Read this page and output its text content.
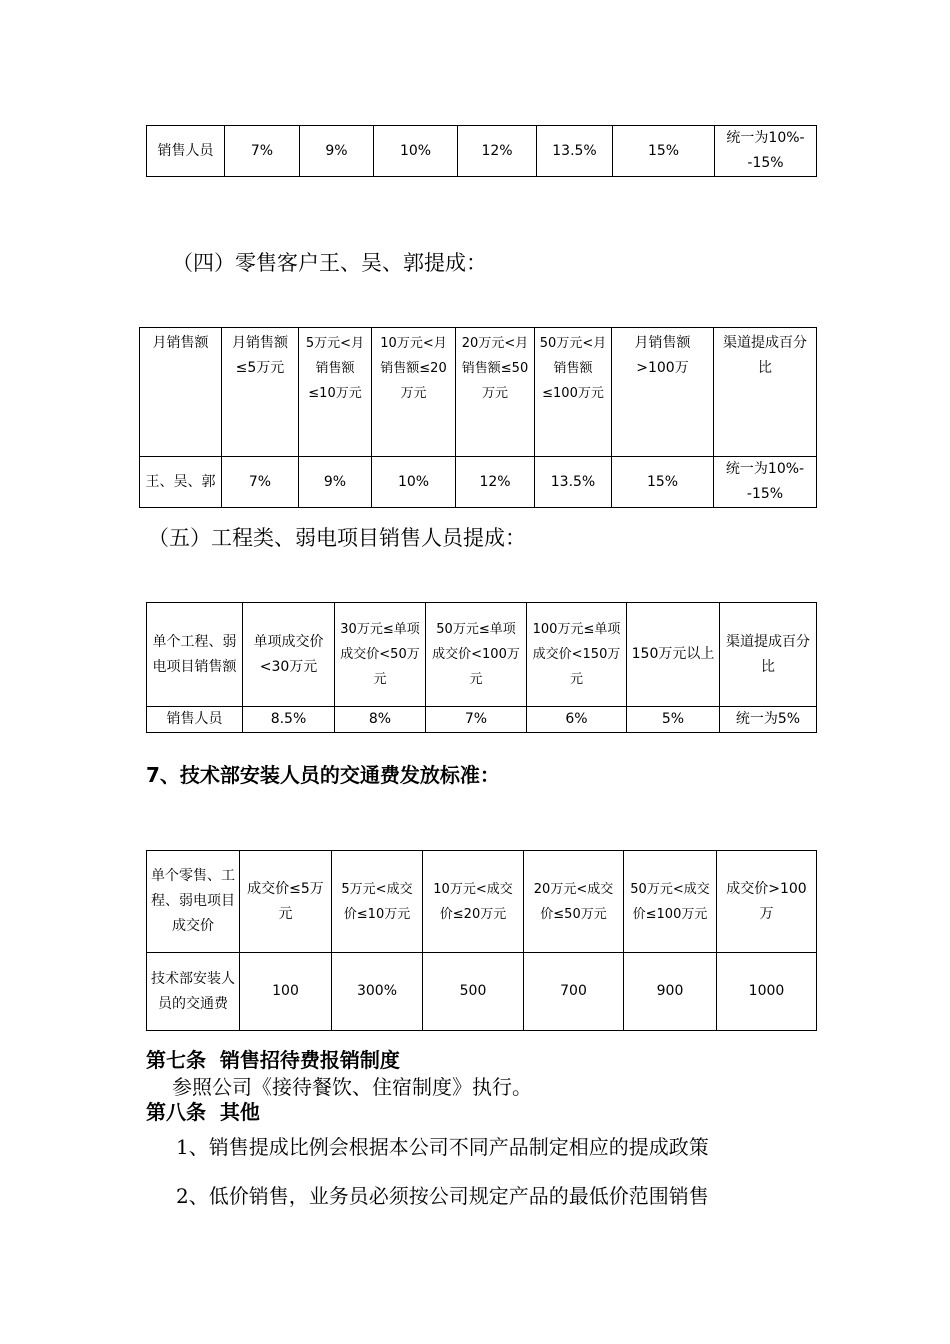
销售人员	7%	9%	10%	12%	13.5%	15%	统一为10%--15%
（四）零售客户王、吴、郭提成：
月销售额	月销售额≤5万元	5万元<月销售额≤10万元	10万元<月销售额≤20万元	20万元<月销售额≤50万元	50万元<月销售额≤100万元	月销售额>100万	渠道提成百分比
王、吴、郭	7%	9%	10%	12%	13.5%	15%	统一为10%--15%
（五）工程类、弱电项目销售人员提成：
单个工程、弱电项目销售额	单项成交价<30万元	30万元≤单项成交价<50万元	50万元≤单项成交价<100万元	100万元≤单项成交价<150万元	150万元以上	渠道提成百分比
销售人员	8.5%	8%	7%	6%	5%	统一为5%
7、技术部安装人员的交通费发放标准：
单个零售、工程、弱电项目成交价	成交价≤5万元	5万元<成交价≤10万元	10万元<成交价≤20万元	20万元<成交价≤50万元	50万元<成交价≤100万元	成交价>100万
技术部安装人员的交通费	100	300%	500	700	900	1000
第七条  销售招待费报销制度
参照公司《接待餐饮、住宿制度》执行。
第八条  其他
1、销售提成比例会根据本公司不同产品制定相应的提成政策
2、低价销售，业务员必须按公司规定产品的最低价范围销售
